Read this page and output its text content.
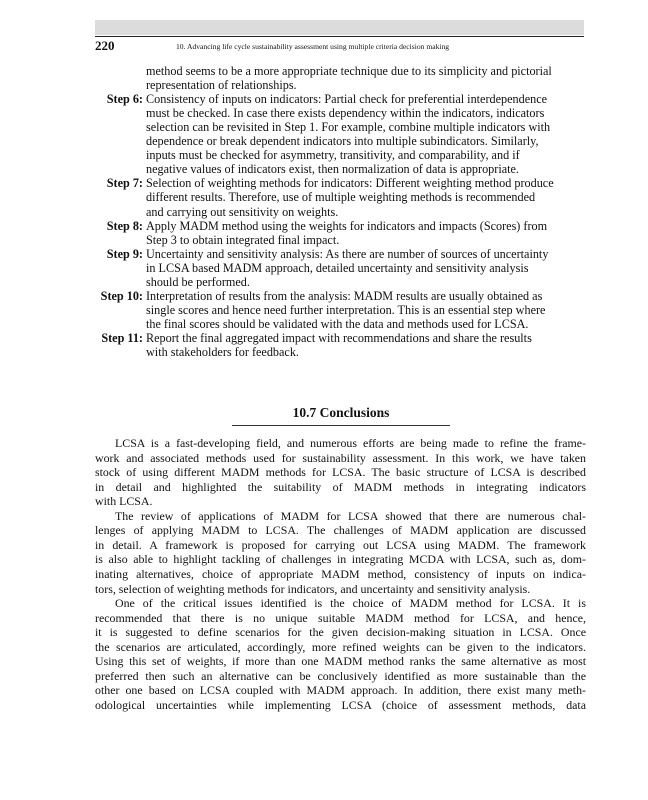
220	10. Advancing life cycle sustainability assessment using multiple criteria decision making
method seems to be a more appropriate technique due to its simplicity and pictorial
representation of relationships.
Step 6: Consistency of inputs on indicators: Partial check for preferential interdependence
must be checked. In case there exists dependency within the indicators, indicators
selection can be revisited in Step 1. For example, combine multiple indicators with
dependence or break dependent indicators into multiple subindicators. Similarly,
inputs must be checked for asymmetry, transitivity, and comparability, and if
negative values of indicators exist, then normalization of data is appropriate.
Step 7: Selection of weighting methods for indicators: Different weighting method produce
different results. Therefore, use of multiple weighting methods is recommended
and carrying out sensitivity on weights.
Step 8: Apply MADM method using the weights for indicators and impacts (Scores) from
Step 3 to obtain integrated final impact.
Step 9: Uncertainty and sensitivity analysis: As there are number of sources of uncertainty
in LCSA based MADM approach, detailed uncertainty and sensitivity analysis
should be performed.
Step 10: Interpretation of results from the analysis: MADM results are usually obtained as
single scores and hence need further interpretation. This is an essential step where
the final scores should be validated with the data and methods used for LCSA.
Step 11: Report the final aggregated impact with recommendations and share the results
with stakeholders for feedback.
10.7 Conclusions
LCSA is a fast-developing field, and numerous efforts are being made to refine the frame-
work and associated methods used for sustainability assessment. In this work, we have taken
stock of using different MADM methods for LCSA. The basic structure of LCSA is described
in detail and highlighted the suitability of MADM methods in integrating indicators
with LCSA.
The review of applications of MADM for LCSA showed that there are numerous chal-
lenges of applying MADM to LCSA. The challenges of MADM application are discussed
in detail. A framework is proposed for carrying out LCSA using MADM. The framework
is also able to highlight tackling of challenges in integrating MCDA with LCSA, such as, dom-
inating alternatives, choice of appropriate MADM method, consistency of inputs on indica-
tors, selection of weighting methods for indicators, and uncertainty and sensitivity analysis.
One of the critical issues identified is the choice of MADM method for LCSA. It is
recommended that there is no unique suitable MADM method for LCSA, and hence,
it is suggested to define scenarios for the given decision-making situation in LCSA. Once
the scenarios are articulated, accordingly, more refined weights can be given to the indicators.
Using this set of weights, if more than one MADM method ranks the same alternative as most
preferred then such an alternative can be conclusively identified as more sustainable than the
other one based on LCSA coupled with MADM approach. In addition, there exist many meth-
odological uncertainties while implementing LCSA (choice of assessment methods, data
